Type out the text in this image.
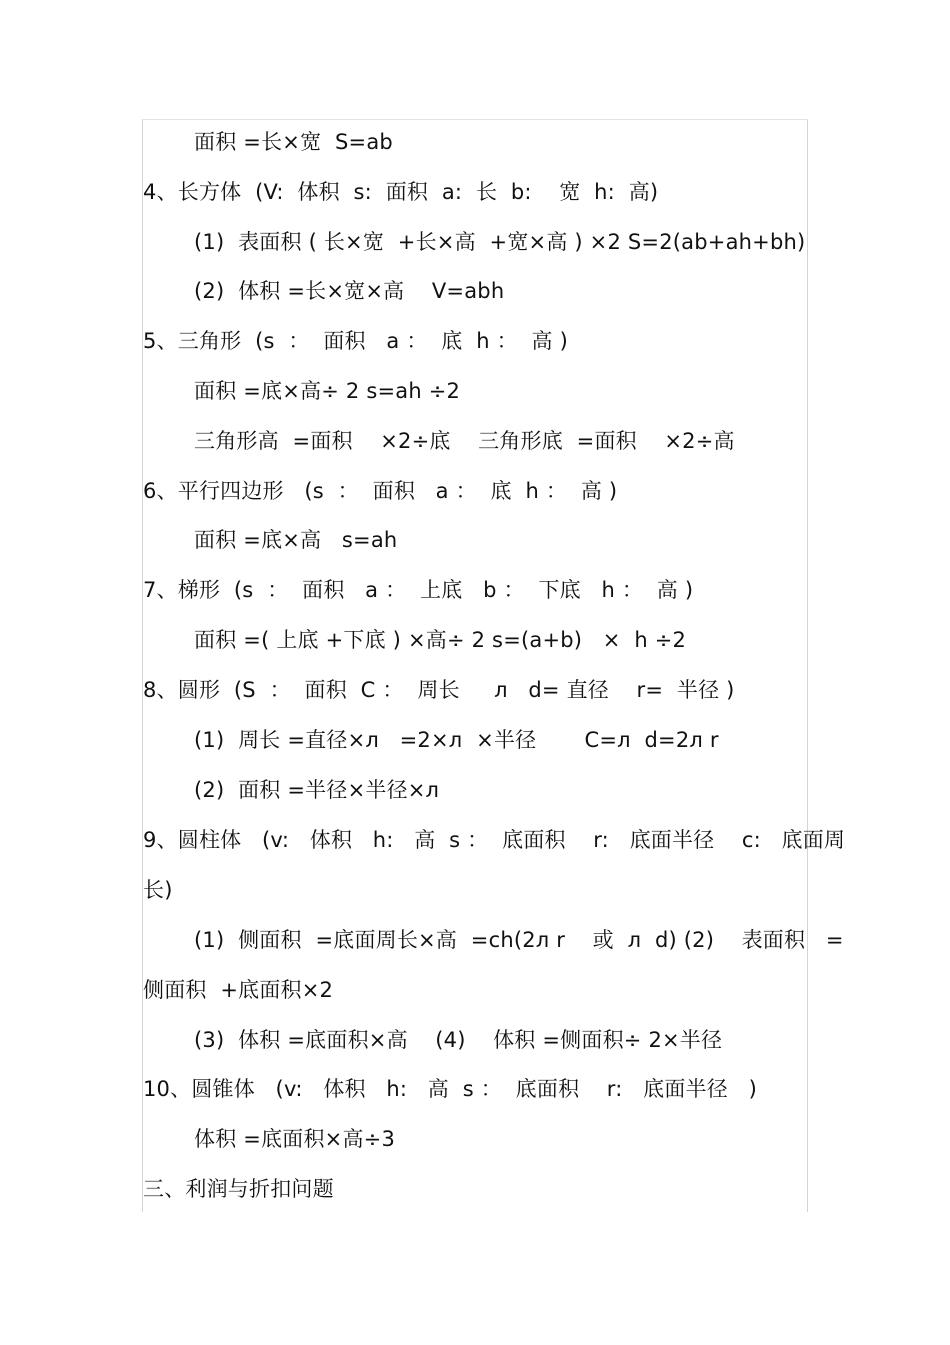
面积 =长×宽  S=ab
4、长方体  (V:  体积  s:  面积  a:  长  b:    宽  h:  高)
(1)  表面积 ( 长×宽  +长×高  +宽×高 ) ×2 S=2(ab+ah+bh)
(2)  体积 =长×宽×高    V=abh
5、三角形  (s  ：  面积   a ：  底  h ：  高 )
面积 =底×高÷ 2 s=ah ÷2
三角形高  =面积    ×2÷底    三角形底  =面积    ×2÷高
6、平行四边形   (s  ：  面积   a ：  底  h ：  高 )
面积 =底×高   s=ah
7、梯形  (s  ：  面积   a ：  上底   b ：  下底   h ：  高 )
面积 =( 上底 +下底 ) ×高÷ 2 s=(a+b)   ×  h ÷2
8、圆形  (S  ：  面积  C ：  周长     л   d= 直径    r=  半径 )
(1)  周长 =直径×л   =2×л  ×半径       C=л  d=2л r
(2)  面积 =半径×半径×л
9、圆柱体   (v:   体积   h:   高  s ：  底面积    r:   底面半径    c:   底面周
长)
(1)  侧面积  =底面周长×高  =ch(2л r    或  л  d) (2)    表面积   =
侧面积  +底面积×2
(3)  体积 =底面积×高    (4)    体积 =侧面积÷ 2×半径
10、圆锥体   (v:   体积   h:   高  s ：  底面积    r:   底面半径   )
体积 =底面积×高÷3
三、利润与折扣问题
